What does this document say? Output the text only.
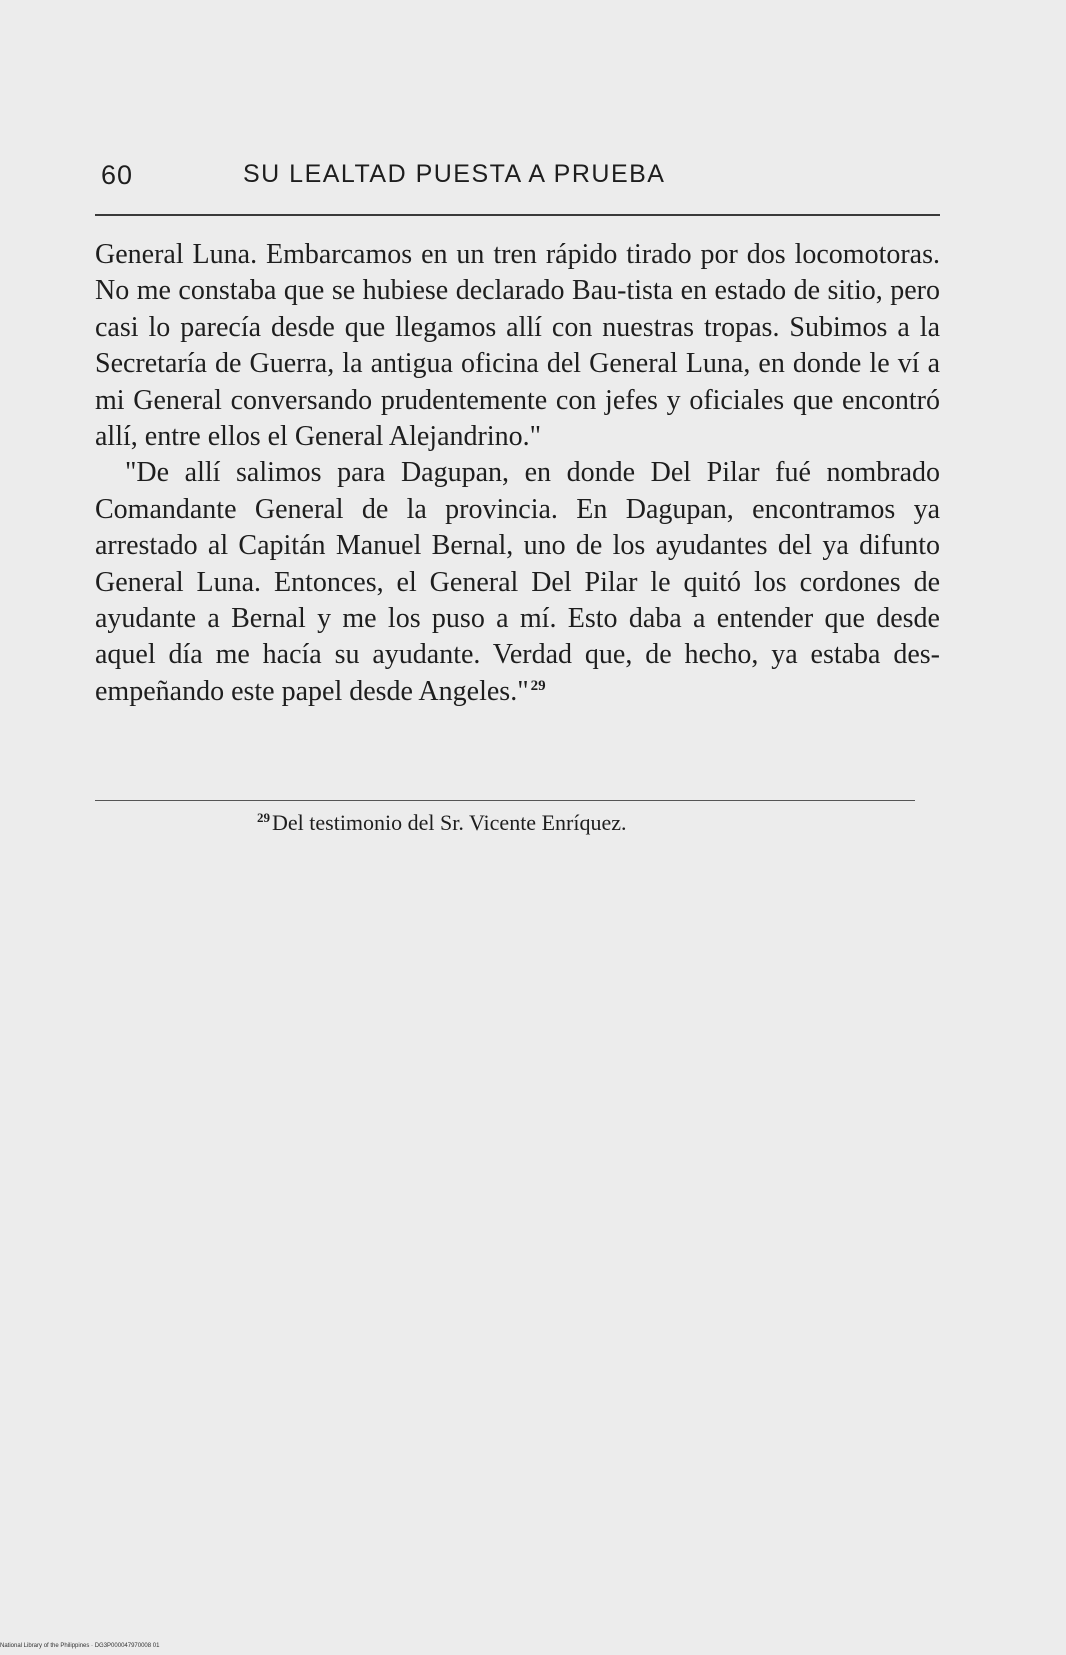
60	SU LEALTAD PUESTA A PRUEBA

General Luna. Embarcamos en un tren rápido tirado por dos locomotoras. No me constaba que se hubiese declarado Bau-tista en estado de sitio, pero casi lo parecía desde que llegamos allí con nuestras tropas. Subimos a la Secretaría de Guerra, la antigua oficina del General Luna, en donde le ví a mi General conversando prudentemente con jefes y oficiales que encontró allí, entre ellos el General Alejandrino."

"De allí salimos para Dagupan, en donde Del Pilar fué nombrado Comandante General de la provincia. En Dagupan, encontramos ya arrestado al Capitán Manuel Bernal, uno de los ayudantes del ya difunto General Luna. Entonces, el General Del Pilar le quitó los cordones de ayudante a Bernal y me los puso a mí. Esto daba a entender que desde aquel día me hacía su ayudante. Verdad que, de hecho, ya estaba des-empeñando este papel desde Angeles." $^{29}$

$^{29}$Del testimonio del Sr. Vicente Enríquez.
National Library of the Philippines · DG3P000047970008 01
